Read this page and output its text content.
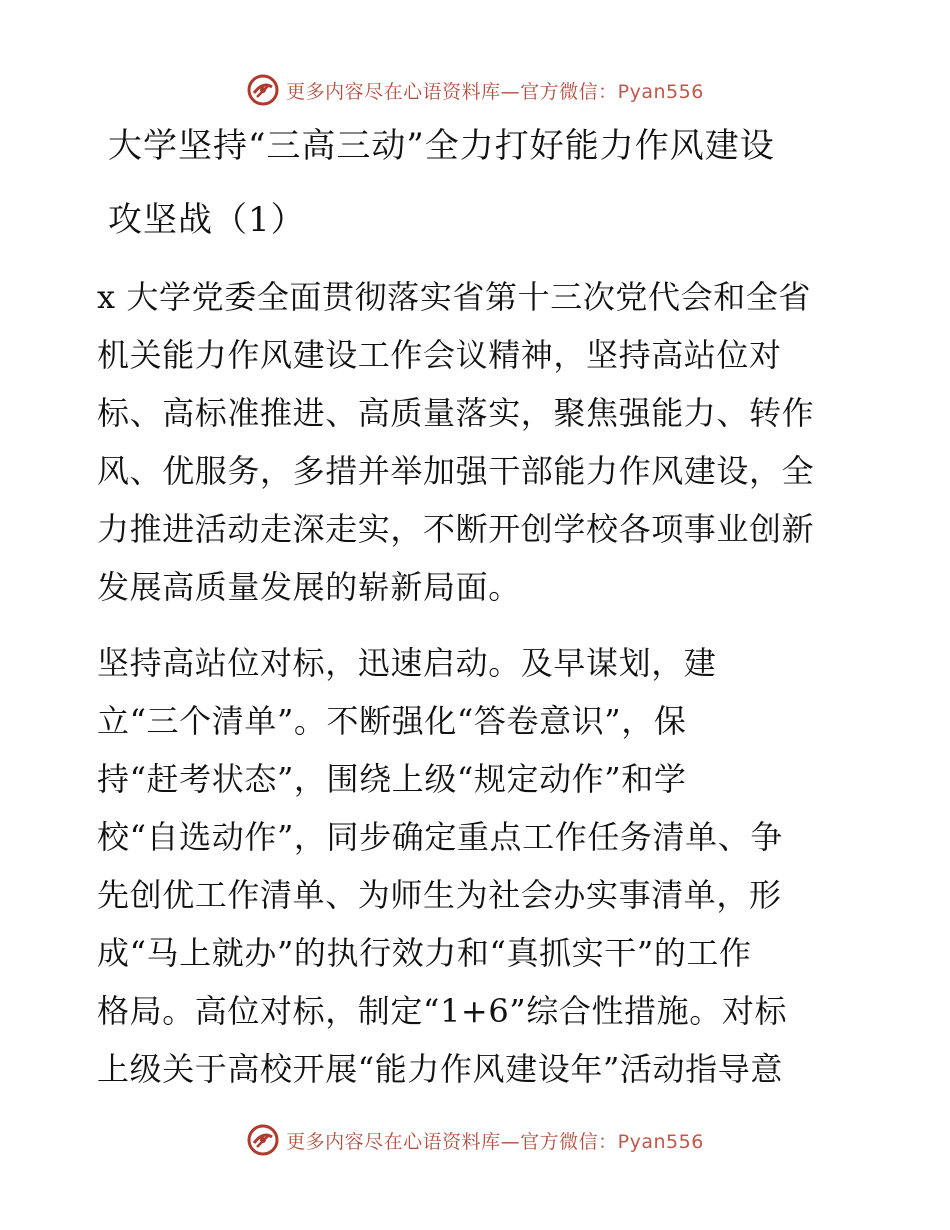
更多内容尽在心语资料库—官方微信：Pyan556
大学坚持“三高三动”全力打好能力作风建设
攻坚战（1）
x 大学党委全面贯彻落实省第十三次党代会和全省
机关能力作风建设工作会议精神，坚持高站位对
标、高标准推进、高质量落实，聚焦强能力、转作
风、优服务，多措并举加强干部能力作风建设，全
力推进活动走深走实，不断开创学校各项事业创新
发展高质量发展的崭新局面。
坚持高站位对标，迅速启动。及早谋划，建
立“三个清单”。不断强化“答卷意识”，保
持“赶考状态”，围绕上级“规定动作”和学
校“自选动作”，同步确定重点工作任务清单、争
先创优工作清单、为师生为社会办实事清单，形
成“马上就办”的执行效力和“真抓实干”的工作
格局。高位对标，制定“1+6”综合性措施。对标
上级关于高校开展“能力作风建设年”活动指导意
更多内容尽在心语资料库—官方微信：Pyan556
